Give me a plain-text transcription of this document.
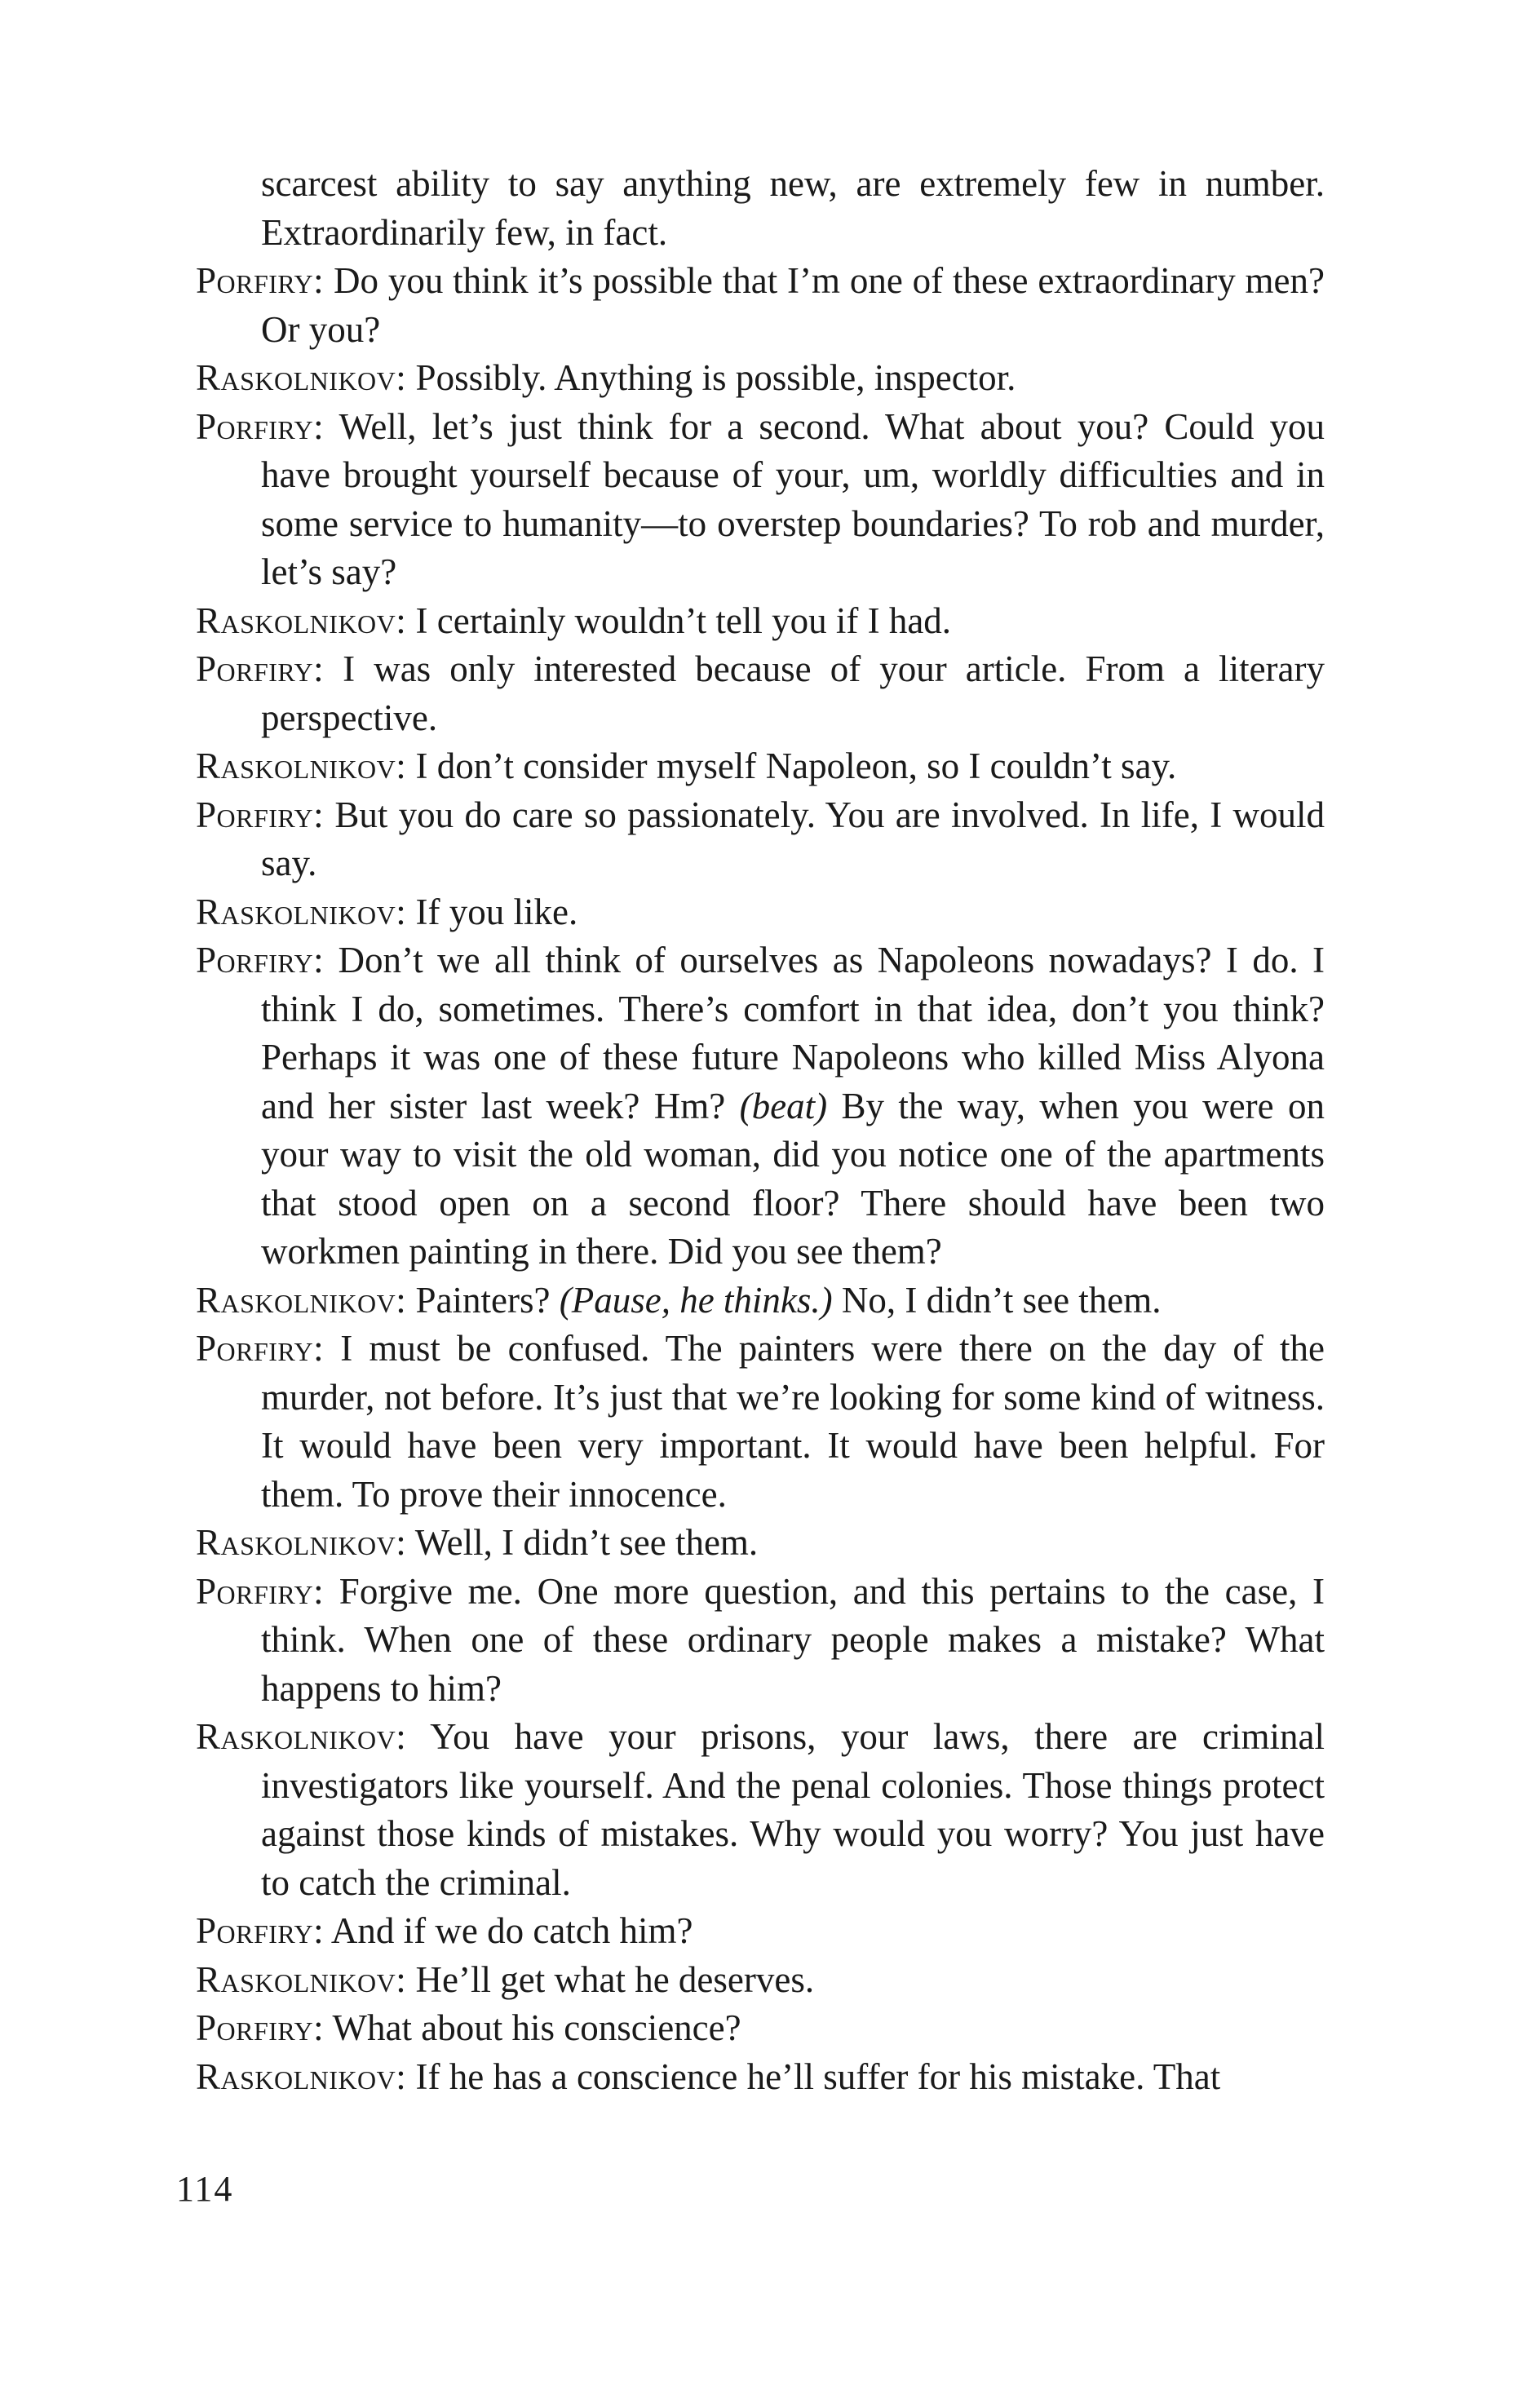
scarcest ability to say anything new, are extremely few in number. Extraordinarily few, in fact.

Porfiry: Do you think it’s possible that I’m one of these extraordinary men? Or you?

Raskolnikov: Possibly. Anything is possible, inspector.

Porfiry: Well, let’s just think for a second. What about you? Could you have brought yourself because of your, um, worldly difficulties and in some service to humanity—to overstep boundaries? To rob and murder, let’s say?

Raskolnikov: I certainly wouldn’t tell you if I had.

Porfiry: I was only interested because of your article. From a literary perspective.

Raskolnikov: I don’t consider myself Napoleon, so I couldn’t say.

Porfiry: But you do care so passionately. You are involved. In life, I would say.

Raskolnikov: If you like.

Porfiry: Don’t we all think of ourselves as Napoleons nowadays? I do. I think I do, sometimes. There’s comfort in that idea, don’t you think? Perhaps it was one of these future Napoleons who killed Miss Alyona and her sister last week? Hm? (beat) By the way, when you were on your way to visit the old woman, did you notice one of the apartments that stood open on a second floor? There should have been two workmen painting in there. Did you see them?

Raskolnikov: Painters? (Pause, he thinks.) No, I didn’t see them.

Porfiry: I must be confused. The painters were there on the day of the murder, not before. It’s just that we’re looking for some kind of witness. It would have been very important. It would have been helpful. For them. To prove their innocence.

Raskolnikov: Well, I didn’t see them.

Porfiry: Forgive me. One more question, and this pertains to the case, I think. When one of these ordinary people makes a mistake? What happens to him?

Raskolnikov: You have your prisons, your laws, there are criminal investigators like yourself. And the penal colonies. Those things protect against those kinds of mistakes. Why would you worry? You just have to catch the criminal.

Porfiry: And if we do catch him?

Raskolnikov: He’ll get what he deserves.

Porfiry: What about his conscience?

Raskolnikov: If he has a conscience he’ll suffer for his mistake. That

114
